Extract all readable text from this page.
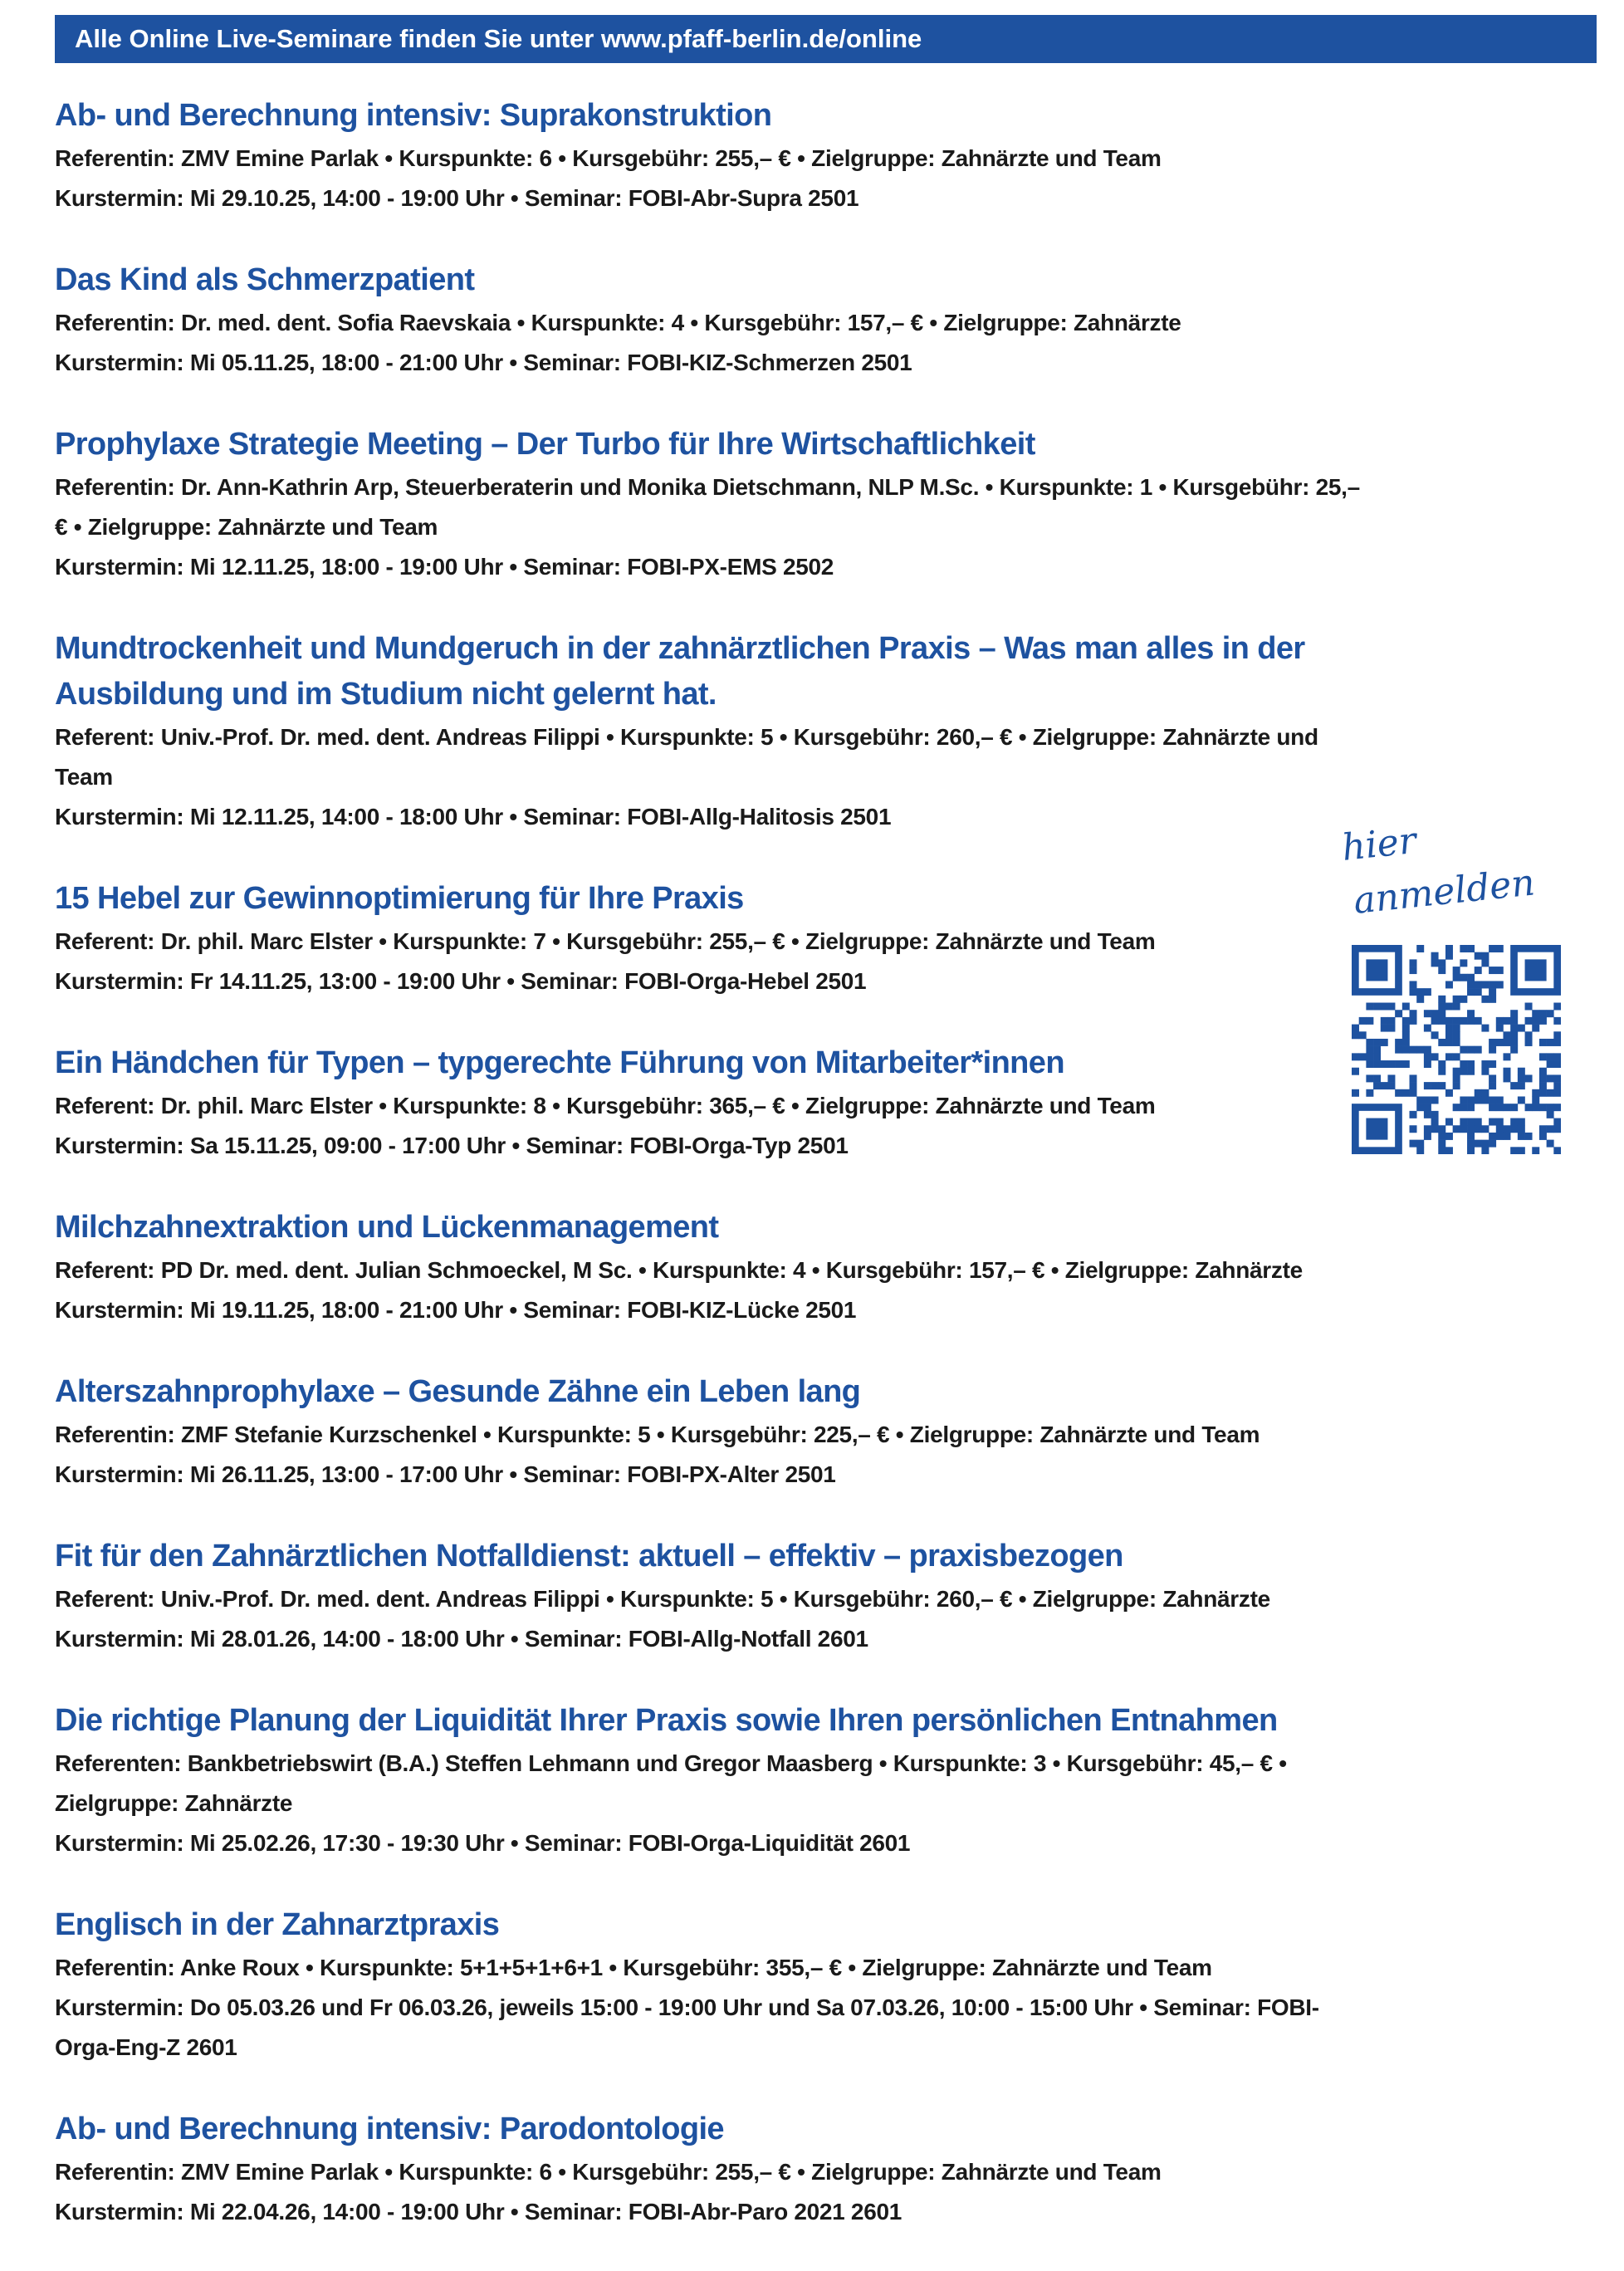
Alle Online Live-Seminare finden Sie unter www.pfaff-berlin.de/online

Ab- und Berechnung intensiv: Suprakonstruktion

Referentin: ZMV Emine Parlak • Kurspunkte: 6 • Kursgebühr: 255,– € • Zielgruppe: Zahnärzte und Team

Kurstermin: Mi 29.10.25, 14:00 - 19:00 Uhr • Seminar: FOBI-Abr-Supra 2501

Das Kind als Schmerzpatient

Referentin: Dr. med. dent. Sofia Raevskaia • Kurspunkte: 4 • Kursgebühr: 157,– € • Zielgruppe: Zahnärzte

Kurstermin: Mi 05.11.25, 18:00 - 21:00 Uhr • Seminar: FOBI-KIZ-Schmerzen 2501

Prophylaxe Strategie Meeting – Der Turbo für Ihre Wirtschaftlichkeit

Referentin: Dr. Ann-Kathrin Arp, Steuerberaterin und Monika Dietschmann, NLP M.Sc. • Kurspunkte: 1 • Kursgebühr: 25,– € • Zielgruppe: Zahnärzte und Team

Kurstermin: Mi 12.11.25, 18:00 - 19:00 Uhr • Seminar: FOBI-PX-EMS 2502

Mundtrockenheit und Mundgeruch in der zahnärztlichen Praxis – Was man alles in der Ausbildung und im Studium nicht gelernt hat.

Referent: Univ.-Prof. Dr. med. dent. Andreas Filippi • Kurspunkte: 5 • Kursgebühr: 260,– € • Zielgruppe: Zahnärzte und Team

Kurstermin: Mi 12.11.25, 14:00 - 18:00 Uhr • Seminar: FOBI-Allg-Halitosis 2501

15 Hebel zur Gewinnoptimierung für Ihre Praxis

Referent: Dr. phil. Marc Elster • Kurspunkte: 7 • Kursgebühr: 255,– € • Zielgruppe: Zahnärzte und Team

Kurstermin: Fr 14.11.25, 13:00 - 19:00 Uhr • Seminar: FOBI-Orga-Hebel 2501

Ein Händchen für Typen – typgerechte Führung von Mitarbeiter*innen

Referent: Dr. phil. Marc Elster • Kurspunkte: 8 • Kursgebühr: 365,– € • Zielgruppe: Zahnärzte und Team

Kurstermin: Sa 15.11.25, 09:00 - 17:00 Uhr • Seminar: FOBI-Orga-Typ 2501

Milchzahnextraktion und Lückenmanagement

Referent: PD Dr. med. dent. Julian Schmoeckel, M Sc. • Kurspunkte: 4 • Kursgebühr: 157,– € • Zielgruppe: Zahnärzte

Kurstermin: Mi 19.11.25, 18:00 - 21:00 Uhr • Seminar: FOBI-KIZ-Lücke 2501

Alterszahnprophylaxe – Gesunde Zähne ein Leben lang

Referentin: ZMF Stefanie Kurzschenkel • Kurspunkte: 5 • Kursgebühr: 225,– € • Zielgruppe: Zahnärzte und Team

Kurstermin: Mi 26.11.25, 13:00 - 17:00 Uhr • Seminar: FOBI-PX-Alter 2501

Fit für den Zahnärztlichen Notfalldienst: aktuell – effektiv – praxisbezogen

Referent: Univ.-Prof. Dr. med. dent. Andreas Filippi • Kurspunkte: 5 • Kursgebühr: 260,– € • Zielgruppe: Zahnärzte

Kurstermin: Mi 28.01.26, 14:00 - 18:00 Uhr • Seminar: FOBI-Allg-Notfall 2601

Die richtige Planung der Liquidität Ihrer Praxis sowie Ihren persönlichen Entnahmen

Referenten: Bankbetriebswirt (B.A.) Steffen Lehmann und Gregor Maasberg • Kurspunkte: 3 • Kursgebühr: 45,– € • Zielgruppe: Zahnärzte

Kurstermin: Mi 25.02.26, 17:30 - 19:30 Uhr • Seminar: FOBI-Orga-Liquidität 2601

Englisch in der Zahnarztpraxis

Referentin: Anke Roux • Kurspunkte: 5+1+5+1+6+1 • Kursgebühr: 355,– € • Zielgruppe: Zahnärzte und Team

Kurstermin: Do 05.03.26 und Fr 06.03.26, jeweils 15:00 - 19:00 Uhr und Sa 07.03.26, 10:00 - 15:00 Uhr • Seminar: FOBI-Orga-Eng-Z 2601

Ab- und Berechnung intensiv: Parodontologie

Referentin: ZMV Emine Parlak • Kurspunkte: 6 • Kursgebühr: 255,– € • Zielgruppe: Zahnärzte und Team

Kurstermin: Mi 22.04.26, 14:00 - 19:00 Uhr • Seminar: FOBI-Abr-Paro 2021 2601

hier
anmelden
